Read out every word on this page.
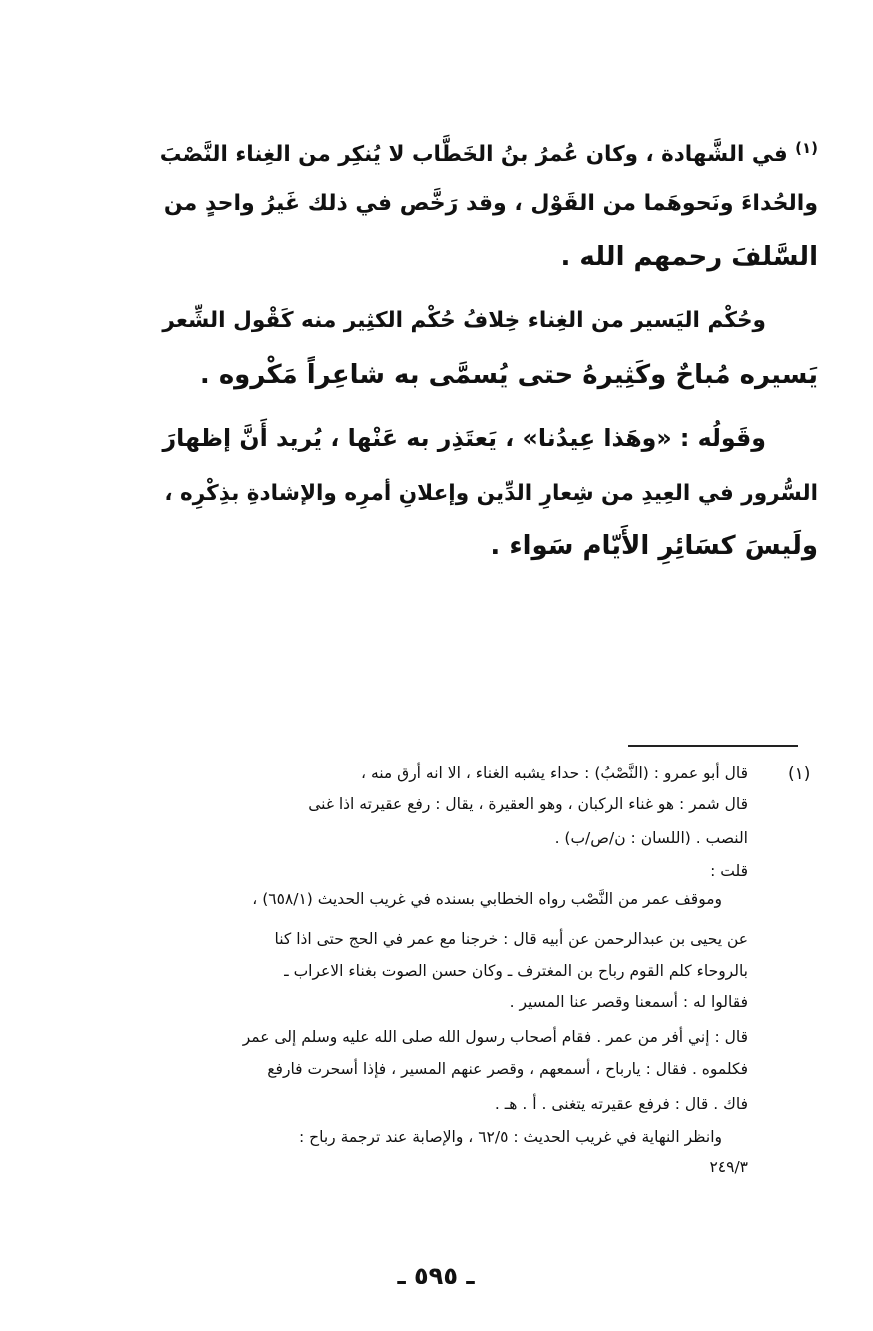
$^{(١)}$ في الشَّهادة ، وكان عُمرُ بنُ الخَطَّاب لا يُنكِر من الغِناء النَّصْبَ
والحُداءَ ونَحوهَما من القَوْل ، وقد رَخَّص في ذلك غَيرُ واحدٍ من
السَّلفَ رحمهم الله .
وحُكْم اليَسير من الغِناء خِلافُ حُكْم الكثِير منه كَقْول الشِّعر
يَسيره مُباحٌ وكَثِيرهُ حتى يُسمَّى به شاعِراً مَكْروه .
وقَولُه : «وهَذا عِيدُنا» ، يَعتَذِر به عَنْها ، يُريد أَنَّ إظهارَ
السُّرور في العِيدِ من شِعارِ الدِّين وإعلانِ أمرِه والإشادةِ بذِكْرِه ،
ولَيسَ كسَائِرِ الأَيّام سَواء .
(١)
قال أبو عمرو : (النَّصْبُ) : حداء يشبه الغناء ، الا انه أرق منه ،
قال شمر : هو غناء الركبان ، وهو العقيرة ، يقال : رفع عقيرته اذا غنى
النصب . (اللسان : ن/ص/ب) .
قلت :
وموقف عمر من النَّصْب رواه الخطابي بسنده في غريب الحديث (٦٥٨/١) ،
عن يحيى بن عبدالرحمن عن أبيه قال : خرجنا مع عمر في الحج حتى اذا كنا
بالروحاء كلم القوم رباح بن المغترف ـ وكان حسن الصوت بغناء الاعراب ـ
فقالوا له : أسمعنا وقصر عنا المسير .
قال : إني أفر من عمر . فقام أصحاب رسول الله صلى الله عليه وسلم إلى عمر
فكلموه . فقال : يارباح ، أسمعهم ، وقصر عنهم المسير ، فإذا أسحرت فارفع
فاك . قال : فرفع عقيرته يتغنى . أ . هـ .
وانظر النهاية في غريب الحديث : ٦٢/٥ ، والإصابة عند ترجمة رباح :
٢٤٩/٣
ـ ٥٩٥ ـ
